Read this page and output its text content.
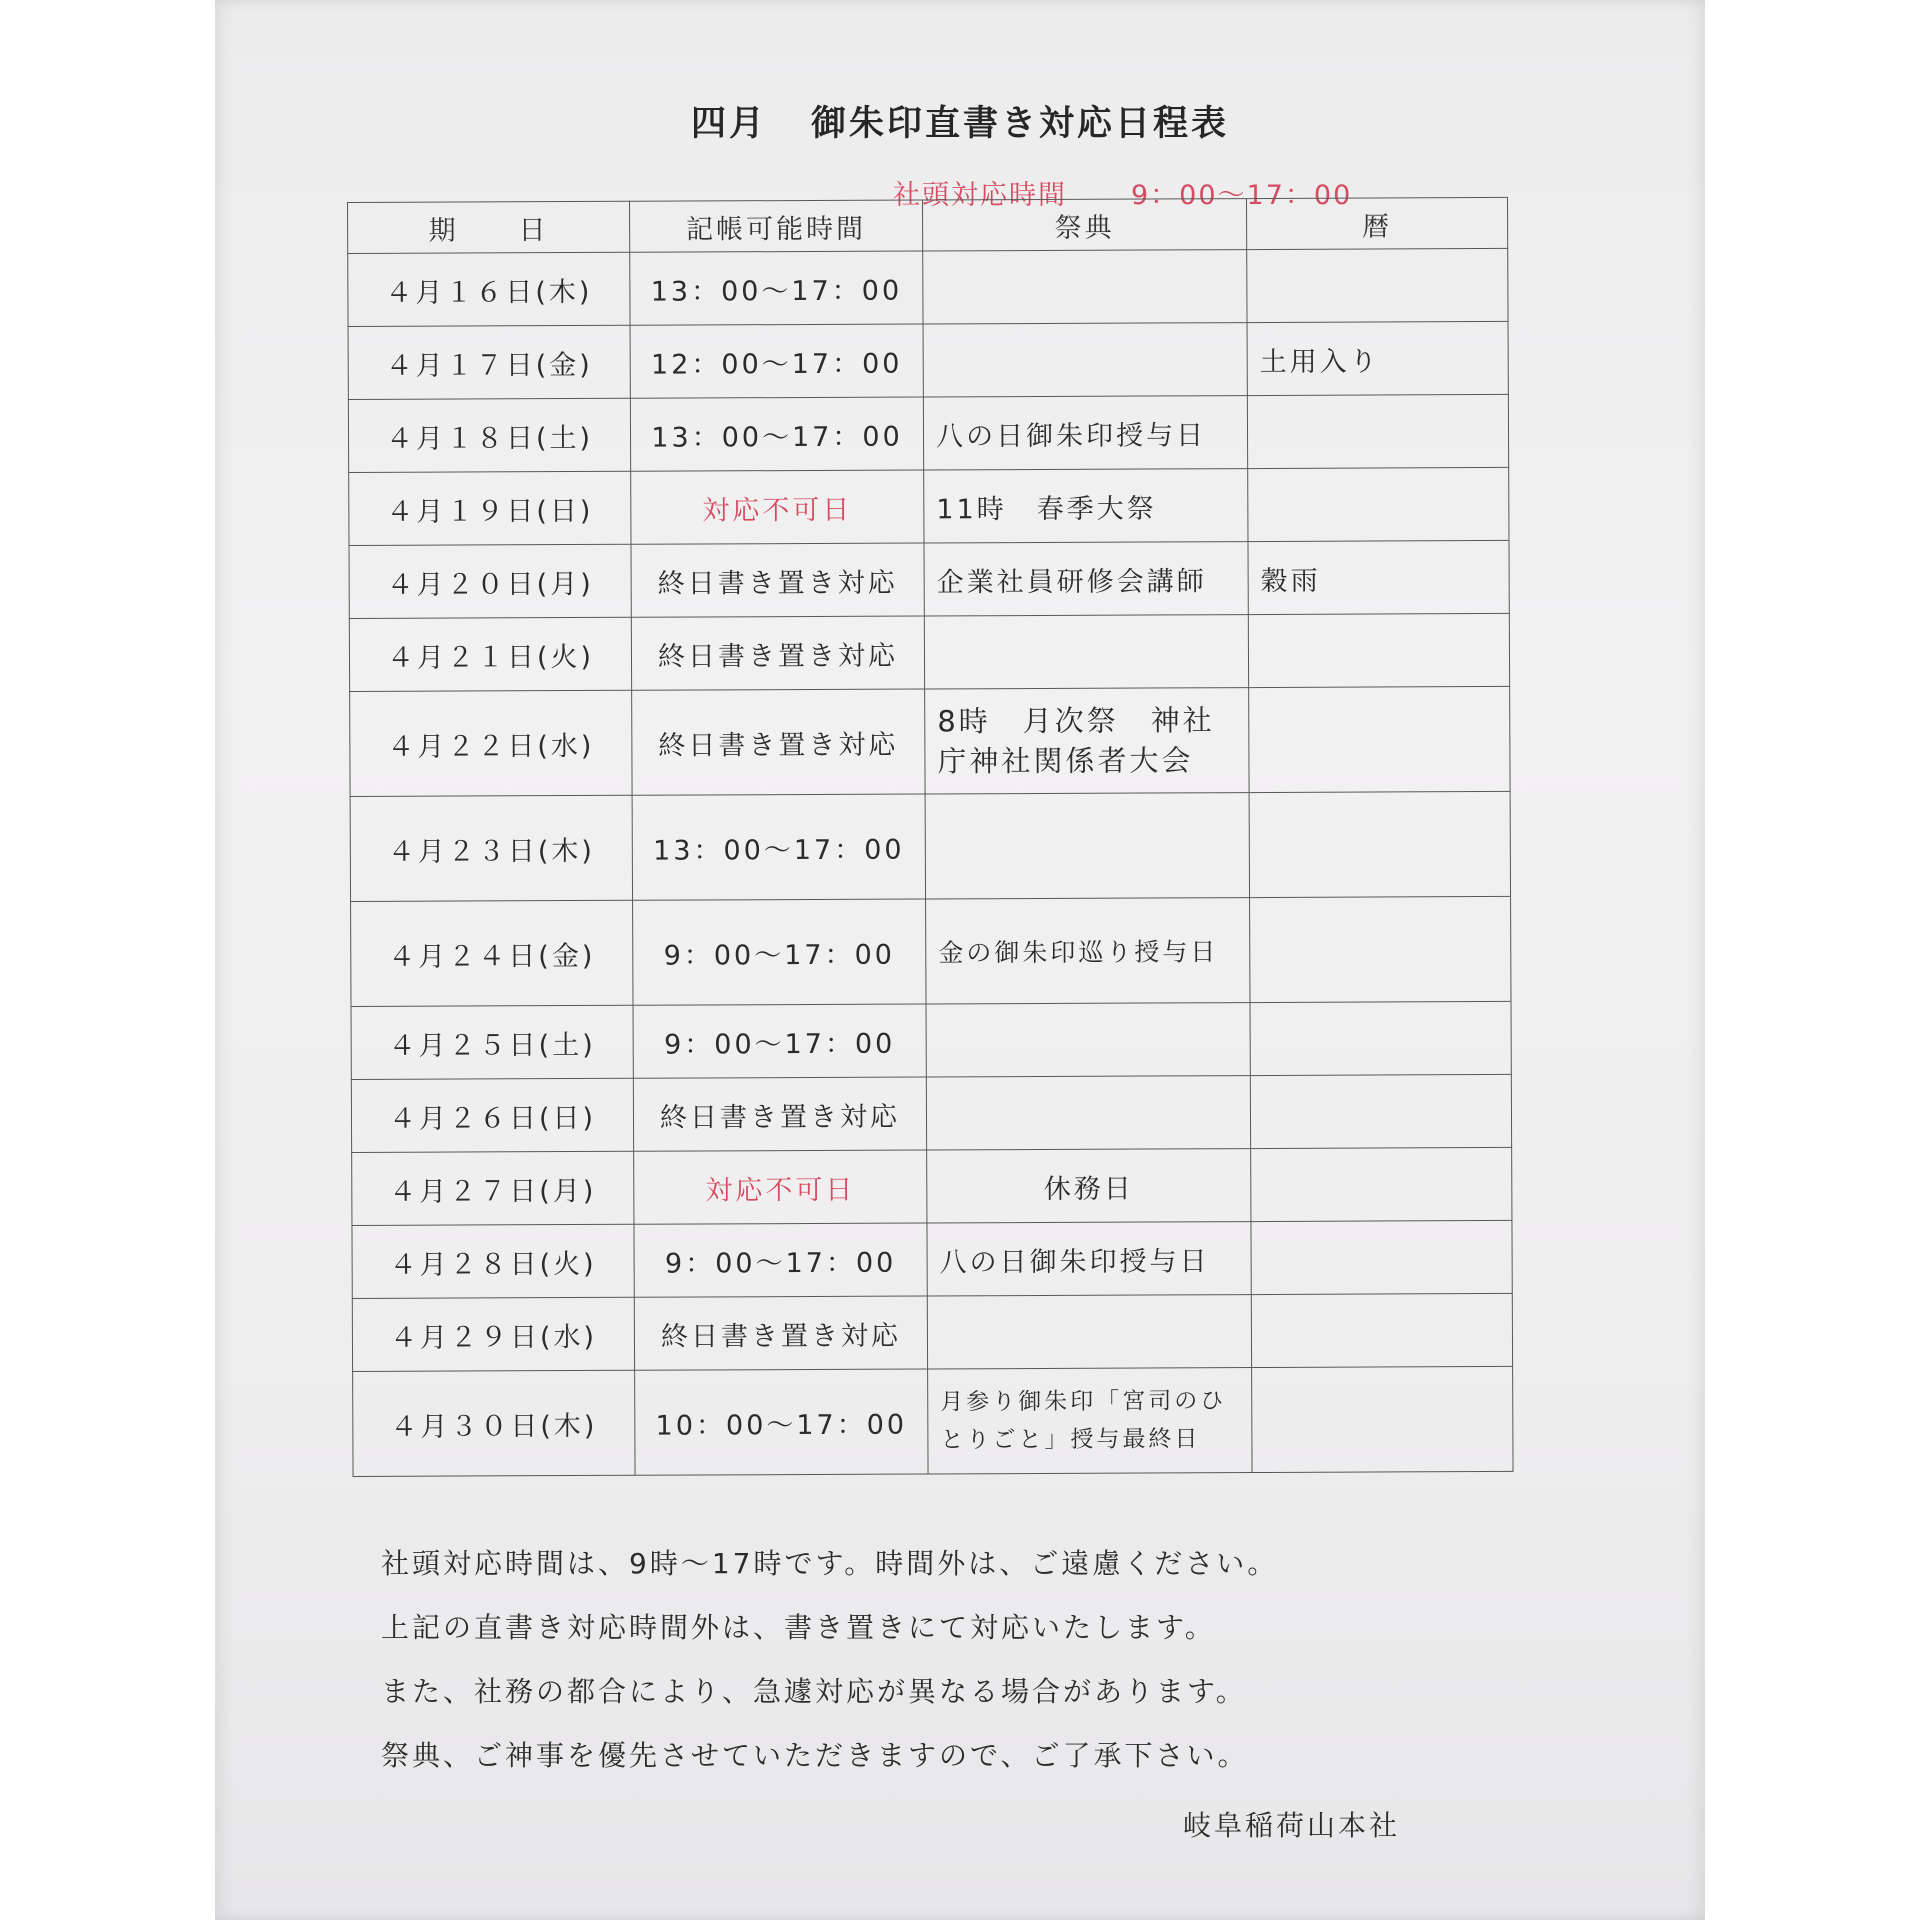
四月 御朱印直書き対応日程表
社頭対応時間 9：00〜17：00
期　　日	記帳可能時間	祭典	暦
４月１６日(木)	13：00〜17：00		
４月１７日(金)	12：00〜17：00		土用入り
４月１８日(土)	13：00〜17：00	八の日御朱印授与日	
４月１９日(日)	対応不可日	11時　春季大祭	
４月２０日(月)	終日書き置き対応	企業社員研修会講師	穀雨
４月２１日(火)	終日書き置き対応		
４月２２日(水)	終日書き置き対応	8時　月次祭　神社庁神社関係者大会	
４月２３日(木)	13：00〜17：00		
４月２４日(金)	9：00〜17：00	金の御朱印巡り授与日	
４月２５日(土)	9：00〜17：00		
４月２６日(日)	終日書き置き対応		
４月２７日(月)	対応不可日	休務日	
４月２８日(火)	9：00〜17：00	八の日御朱印授与日	
４月２９日(水)	終日書き置き対応		
４月３０日(木)	10：00〜17：00	月参り御朱印「宮司のひとりごと」授与最終日	

社頭対応時間は、9時〜17時です。時間外は、ご遠慮ください。

上記の直書き対応時間外は、書き置きにて対応いたします。

また、社務の都合により、急遽対応が異なる場合があります。

祭典、ご神事を優先させていただきますので、ご了承下さい。

岐阜稲荷山本社
